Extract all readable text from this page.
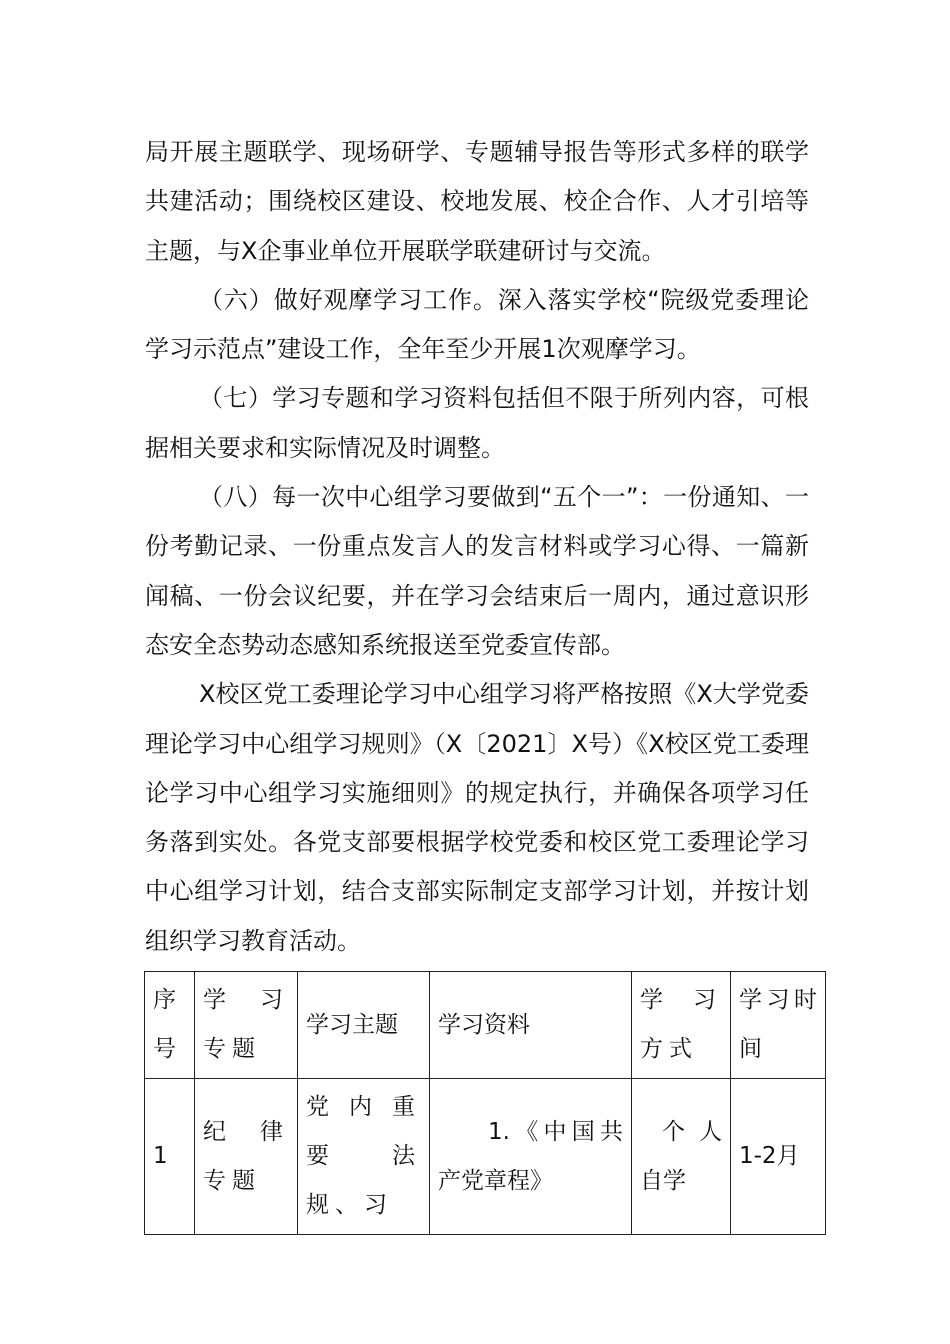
局开展主题联学、现场研学、专题辅导报告等形式多样的联学共建活动；围绕校区建设、校地发展、校企合作、人才引培等主题，与X企事业单位开展联学联建研讨与交流。

（六）做好观摩学习工作。深入落实学校“院级党委理论学习示范点”建设工作，全年至少开展1次观摩学习。

（七）学习专题和学习资料包括但不限于所列内容，可根据相关要求和实际情况及时调整。

（八）每一次中心组学习要做到“五个一”：一份通知、一份考勤记录、一份重点发言人的发言材料或学习心得、一篇新闻稿、一份会议纪要，并在学习会结束后一周内，通过意识形态安全态势动态感知系统报送至党委宣传部。

X校区党工委理论学习中心组学习将严格按照《X大学党委理论学习中心组学习规则》（X〔2021〕X号）《X校区党工委理论学习中心组学习实施细则》的规定执行，并确保各项学习任务落到实处。各党支部要根据学校党委和校区党工委理论学习中心组学习计划，结合支部实际制定支部学习计划，并按计划组织学习教育活动。

序号	学习专题	学习主题	学习资料	学习方式	学习时间
1	纪律专题	党内重要法规、习	1.《中国共产党章程》	个人自学	1-2月
